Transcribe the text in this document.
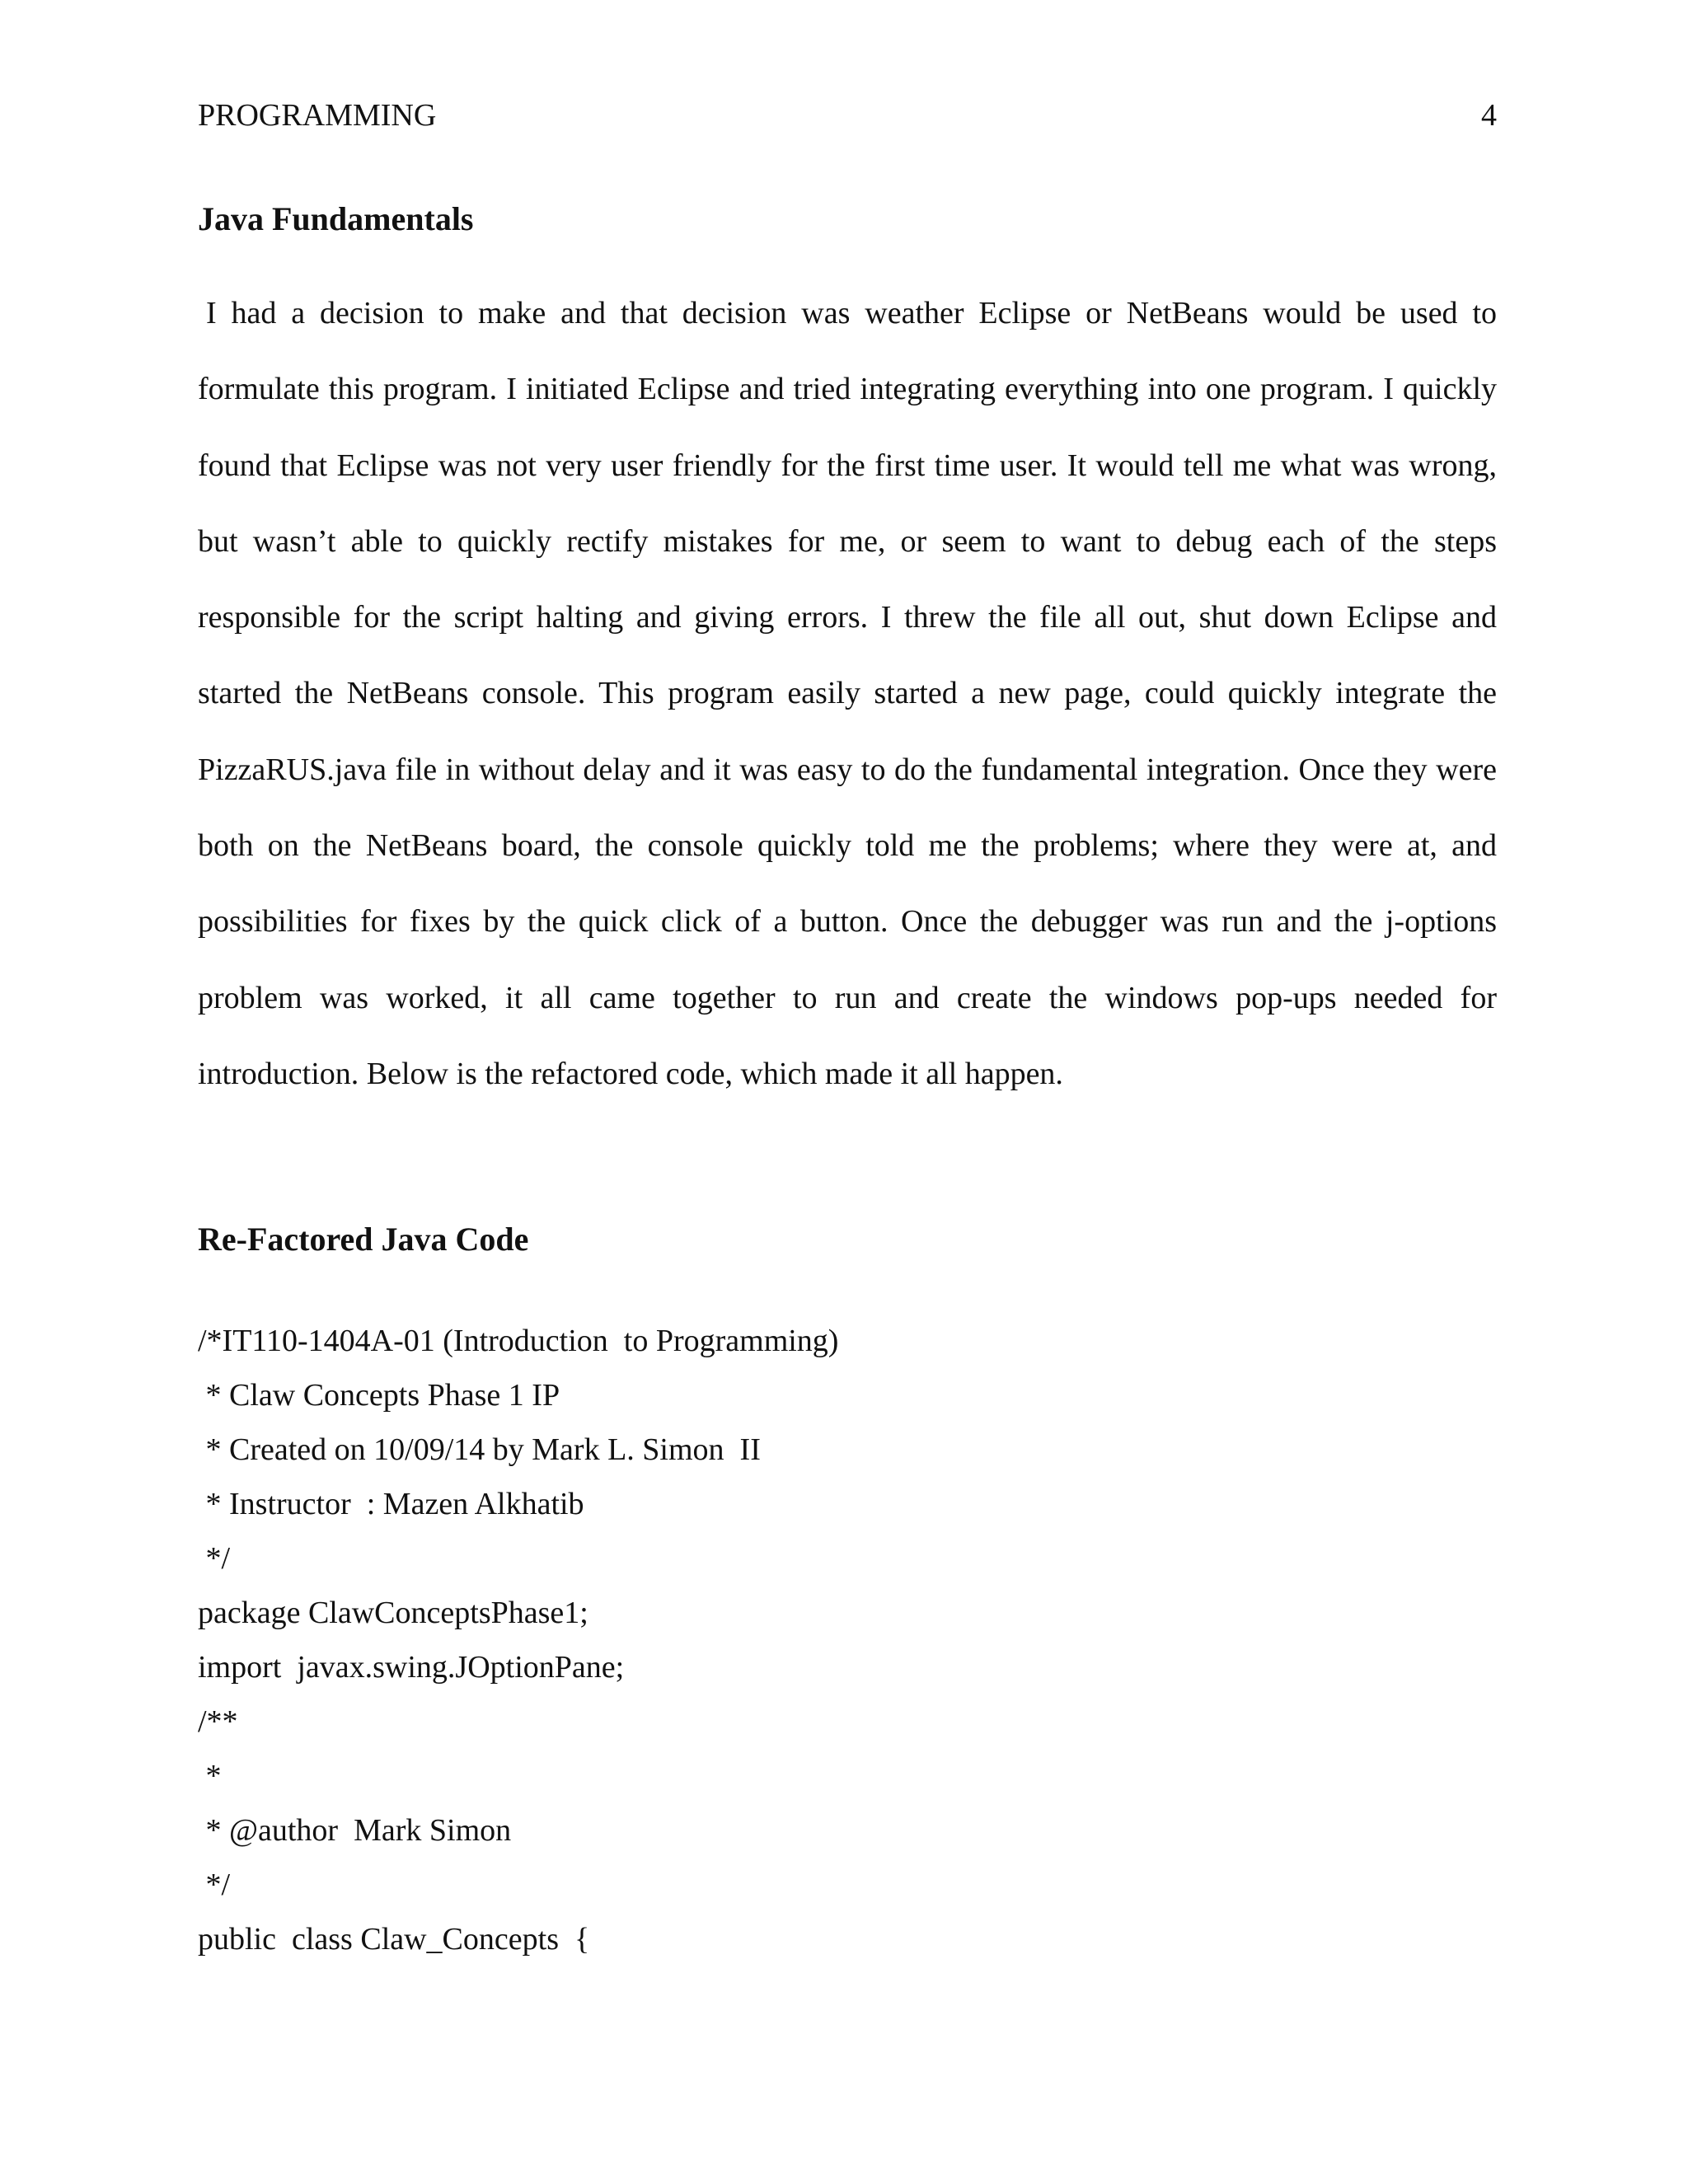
PROGRAMMING	4
Java Fundamentals

I had a decision to make and that decision was weather Eclipse or NetBeans would be used to formulate this program. I initiated Eclipse and tried integrating everything into one program. I quickly found that Eclipse was not very user friendly for the first time user. It would tell me what was wrong, but wasn’t able to quickly rectify mistakes for me, or seem to want to debug each of the steps responsible for the script halting and giving errors. I threw the file all out, shut down Eclipse and started the NetBeans console. This program easily started a new page, could quickly integrate the PizzaRUS.java file in without delay and it was easy to do the fundamental integration. Once they were both on the NetBeans board, the console quickly told me the problems; where they were at, and possibilities for fixes by the quick click of a button. Once the debugger was run and the j-options problem was worked, it all came together to run and create the windows pop-ups needed for introduction. Below is the refactored code, which made it all happen.

Re-Factored Java Code
/*IT110-1404A-01 (Introduction  to Programming)
* Claw Concepts Phase 1 IP
* Created on 10/09/14 by Mark L. Simon  II
* Instructor  : Mazen Alkhatib
*/
package ClawConceptsPhase1;
import  javax.swing.JOptionPane;
/**
*
* @author  Mark Simon
*/
public  class Claw_Concepts  {
